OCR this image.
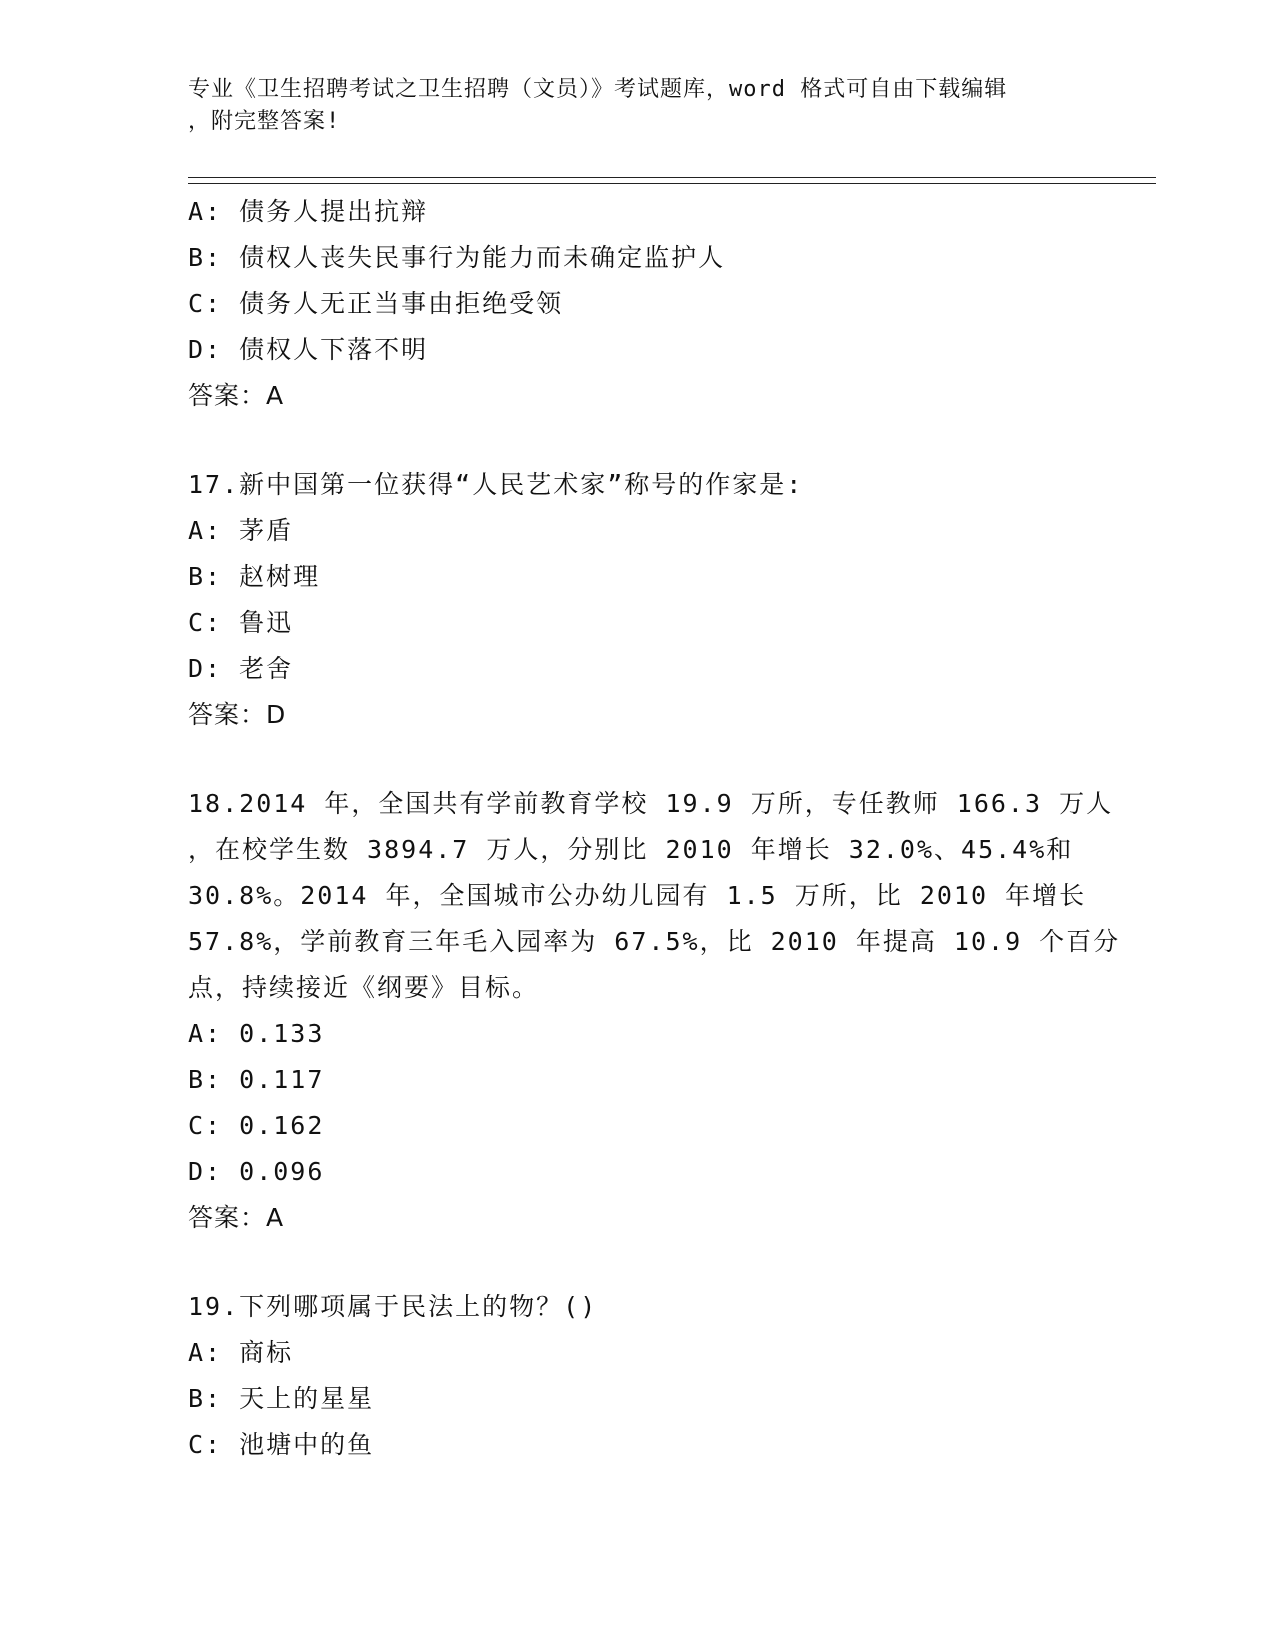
专业《卫生招聘考试之卫生招聘（文员）》考试题库，word 格式可自由下载编辑
，附完整答案!
A: 债务人提出抗辩
B: 债权人丧失民事行为能力而未确定监护人
C: 债务人无正当事由拒绝受领
D: 债权人下落不明
答案：A
17.新中国第一位获得“人民艺术家”称号的作家是:
A: 茅盾
B: 赵树理
C: 鲁迅
D: 老舍
答案：D
18.2014 年，全国共有学前教育学校 19.9 万所，专任教师 166.3 万人
，在校学生数 3894.7 万人，分别比 2010 年增长 32.0%、45.4%和
30.8%。2014 年，全国城市公办幼儿园有 1.5 万所，比 2010 年增长
57.8%，学前教育三年毛入园率为 67.5%，比 2010 年提高 10.9 个百分
点，持续接近《纲要》目标。
A: 0.133
B: 0.117
C: 0.162
D: 0.096
答案：A
19.下列哪项属于民法上的物？()
A: 商标
B: 天上的星星
C: 池塘中的鱼
